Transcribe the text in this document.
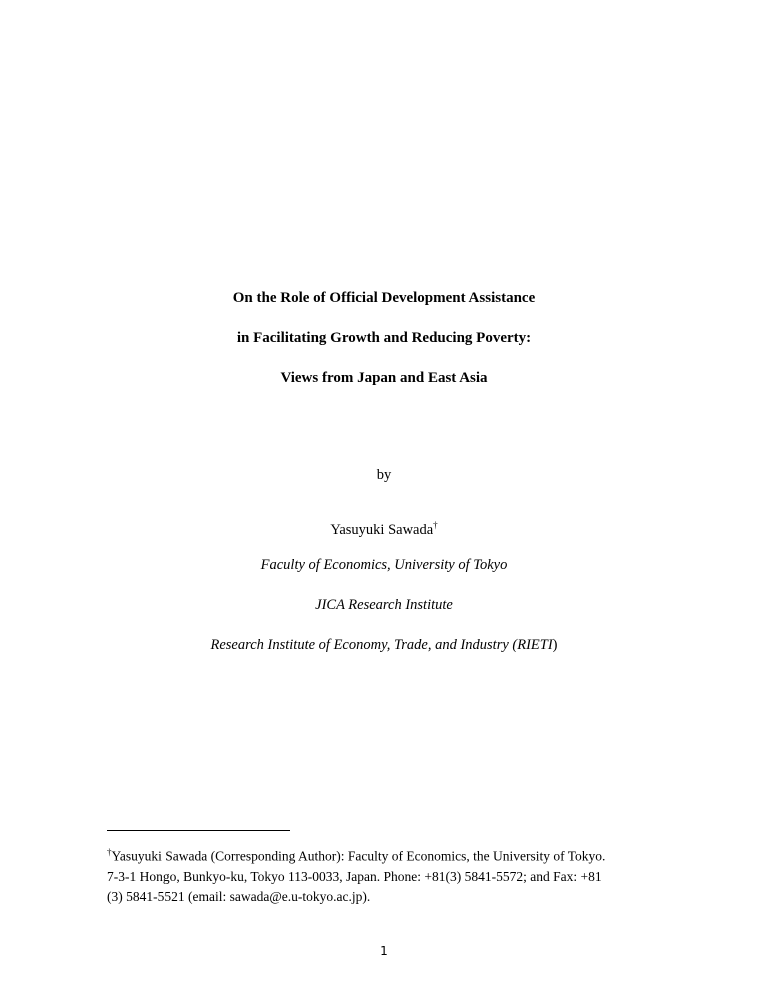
On the Role of Official Development Assistance
in Facilitating Growth and Reducing Poverty:
Views from Japan and East Asia
by
Yasuyuki Sawada†
Faculty of Economics, University of Tokyo
JICA Research Institute
Research Institute of Economy, Trade, and Industry (RIETI)
†Yasuyuki Sawada (Corresponding Author): Faculty of Economics, the University of Tokyo.
7-3-1 Hongo, Bunkyo-ku, Tokyo 113-0033, Japan. Phone: +81(3) 5841-5572; and Fax: +81
(3) 5841-5521 (email: sawada@e.u-tokyo.ac.jp).
1
